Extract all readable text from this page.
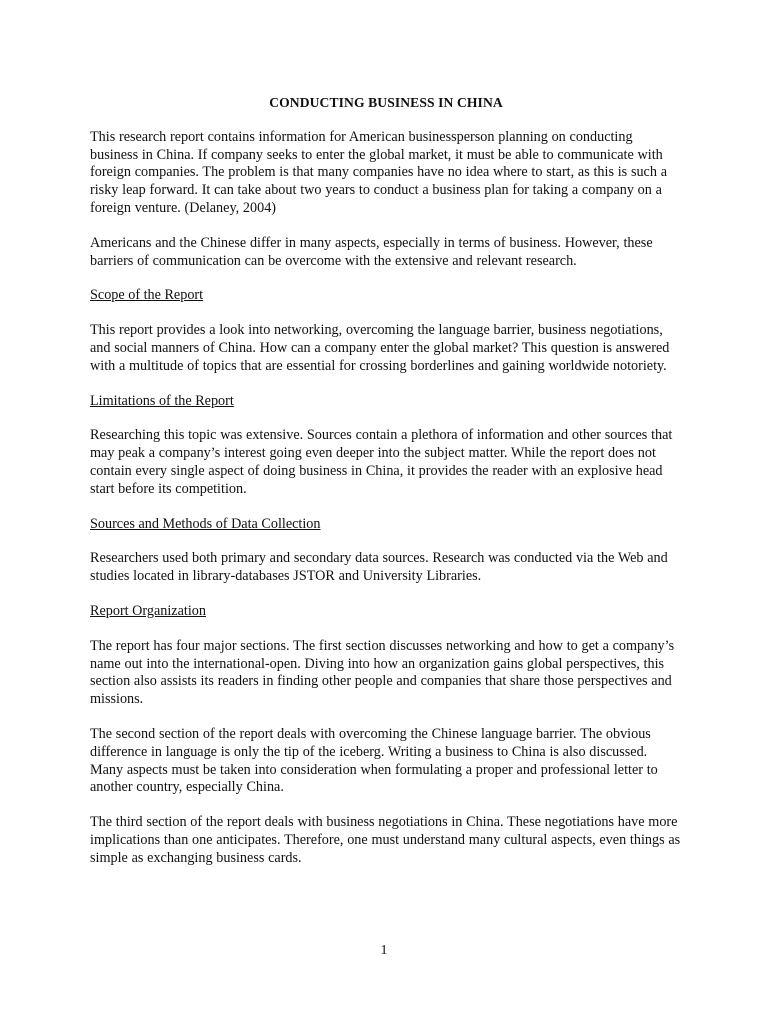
CONDUCTING BUSINESS IN CHINA

This research report contains information for American businessperson planning on conducting business in China. If company seeks to enter the global market, it must be able to communicate with foreign companies. The problem is that many companies have no idea where to start, as this is such a risky leap forward. It can take about two years to conduct a business plan for taking a company on a foreign venture. (Delaney, 2004)

Americans and the Chinese differ in many aspects, especially in terms of business. However, these barriers of communication can be overcome with the extensive and relevant research.

Scope of the Report

This report provides a look into networking, overcoming the language barrier, business negotiations, and social manners of China. How can a company enter the global market? This question is answered with a multitude of topics that are essential for crossing borderlines and gaining worldwide notoriety.

Limitations of the Report

Researching this topic was extensive. Sources contain a plethora of information and other sources that may peak a company’s interest going even deeper into the subject matter. While the report does not contain every single aspect of doing business in China, it provides the reader with an explosive head start before its competition.

Sources and Methods of Data Collection

Researchers used both primary and secondary data sources. Research was conducted via the Web and studies located in library-databases JSTOR and University Libraries.

Report Organization

The report has four major sections. The first section discusses networking and how to get a company’s name out into the international-open. Diving into how an organization gains global perspectives, this section also assists its readers in finding other people and companies that share those perspectives and missions.

The second section of the report deals with overcoming the Chinese language barrier. The obvious difference in language is only the tip of the iceberg. Writing a business to China is also discussed. Many aspects must be taken into consideration when formulating a proper and professional letter to another country, especially China.

The third section of the report deals with business negotiations in China. These negotiations have more implications than one anticipates. Therefore, one must understand many cultural aspects, even things as simple as exchanging business cards.

1
